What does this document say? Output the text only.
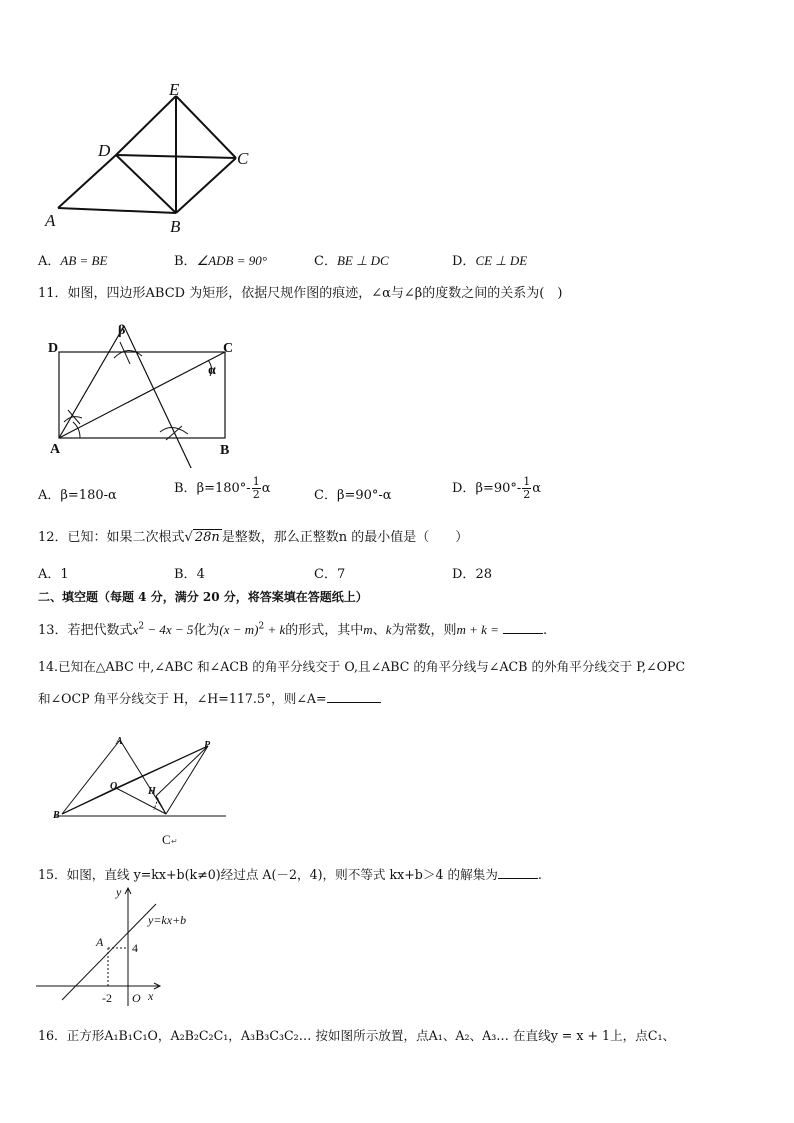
A	B
C
D
E
A．AB = BE	B．∠ADB = 90°	C．BE ⊥ DC	D．CE ⊥ DE
11．如图，四边形ABCD 为矩形，依据尺规作图的痕迹，∠α与∠β的度数之间的关系为(　)
A	B
C
D
α
β
A．β=180-α	B．$\beta=180^\circ- \frac{1}{2}$ α	C．β=90°-α	D．$\beta=90^\circ- \frac{1}{2}$ α
12．已知：如果二次根式√ 28n 是整数，那么正整数n 的最小值是（　　）
A．1	B．4	C．7	D．28
二、填空题（每题 4 分，满分 20 分，将答案填在答题纸上）
13．若把代数式$x^2 - 4x - 5$化为$(x - m)^2 + k$的形式，其中m、k为常数，则m + k =	.
14.已知在△ABC 中,∠ABC 和∠ACB 的角平分线交于 O,且∠ABC 的角平分线与∠ACB 的外角平分线交于 P,∠OPC
和∠OCP 角平分线交于 H，∠H=117.5°，则∠A=
A
B
O
P
H
C ↵
15．如图，直线 y=kx+b(k≠0)经过点 A(－2，4)，则不等式 kx+b＞4 的解集为	.
y
x
O
A 4
-2
y=kx+b
16．正方形A₁B₁C₁O，A₂B₂C₂C₁，A₃B₃C₃C₂… 按如图所示放置，点A₁、A₂、A₃… 在直线y = x + 1上，点C₁、
